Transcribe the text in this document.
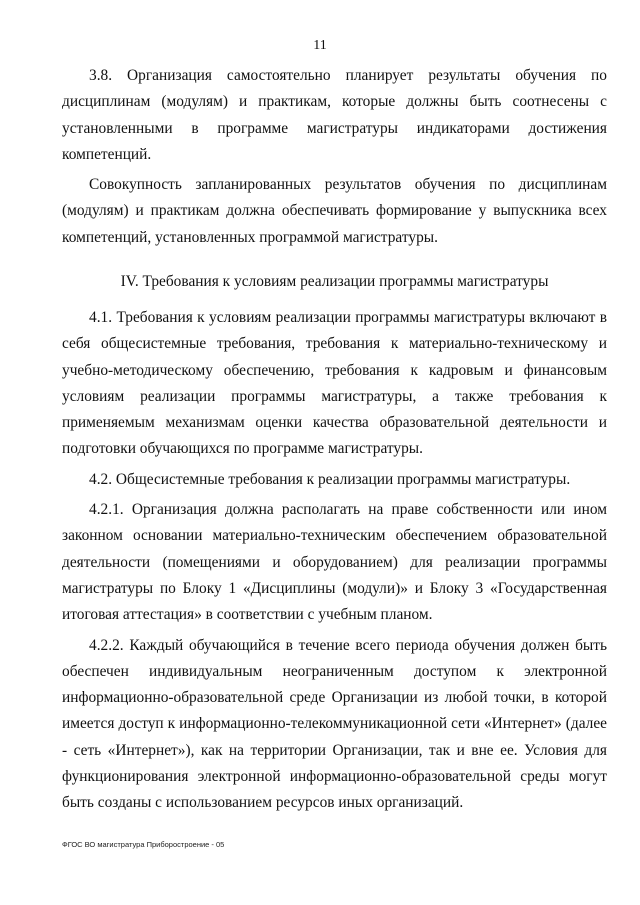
11

3.8. Организация самостоятельно планирует результаты обучения по дисциплинам (модулям) и практикам, которые должны быть соотнесены с установленными в программе магистратуры индикаторами достижения компетенций.

Совокупность запланированных результатов обучения по дисциплинам (модулям) и практикам должна обеспечивать формирование у выпускника всех компетенций, установленных программой магистратуры.

IV. Требования к условиям реализации программы магистратуры

4.1. Требования к условиям реализации программы магистратуры включают в себя общесистемные требования, требования к материально-техническому и учебно-методическому обеспечению, требования к кадровым и финансовым условиям реализации программы магистратуры, а также требования к применяемым механизмам оценки качества образовательной деятельности и подготовки обучающихся по программе магистратуры.

4.2. Общесистемные требования к реализации программы магистратуры.

4.2.1. Организация должна располагать на праве собственности или ином законном основании материально-техническим обеспечением образовательной деятельности (помещениями и оборудованием) для реализации программы магистратуры по Блоку 1 «Дисциплины (модули)» и Блоку 3 «Государственная итоговая аттестация» в соответствии с учебным планом.

4.2.2. Каждый обучающийся в течение всего периода обучения должен быть обеспечен индивидуальным неограниченным доступом к электронной информационно-образовательной среде Организации из любой точки, в которой имеется доступ к информационно-телекоммуникационной сети «Интернет» (далее - сеть «Интернет»), как на территории Организации, так и вне ее. Условия для функционирования электронной информационно-образовательной среды могут быть созданы с использованием ресурсов иных организаций.

ФГОС ВО магистратура Приборостроение - 05
